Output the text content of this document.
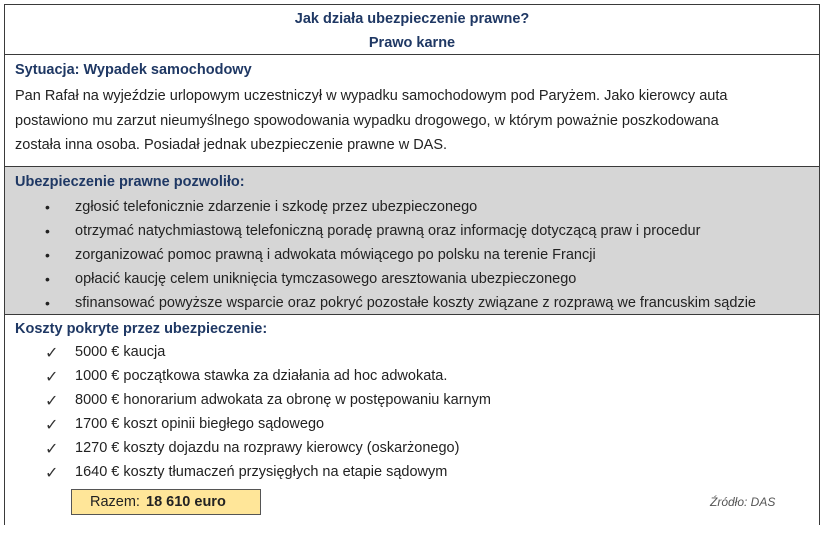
Jak działa ubezpieczenie prawne?
Prawo karne
Sytuacja: Wypadek samochodowy
Pan Rafał na wyjeździe urlopowym uczestniczył w wypadku samochodowym pod Paryżem. Jako kierowcy auta
postawiono mu zarzut nieumyślnego spowodowania wypadku drogowego, w którym poważnie poszkodowana
została inna osoba. Posiadał jednak ubezpieczenie prawne w DAS.
Ubezpieczenie prawne pozwoliło:
• zgłosić telefonicznie zdarzenie i szkodę przez ubezpieczonego
• otrzymać natychmiastową telefoniczną poradę prawną oraz informację dotyczącą praw i procedur
• zorganizować pomoc prawną i adwokata mówiącego po polsku na terenie Francji
• opłacić kaucję celem uniknięcia tymczasowego aresztowania ubezpieczonego
• sfinansować powyższe wsparcie oraz pokryć pozostałe koszty związane z rozprawą we francuskim sądzie
Koszty pokryte przez ubezpieczenie:
✓ 5000 € kaucja
✓ 1000 € początkowa stawka za działania ad hoc adwokata.
✓ 8000 € honorarium adwokata za obronę w postępowaniu karnym
✓ 1700 € koszt opinii biegłego sądowego
✓ 1270 € koszty dojazdu na rozprawy kierowcy (oskarżonego)
✓ 1640 € koszty tłumaczeń przysięgłych na etapie sądowym
Razem: 18 610 euro	Źródło: DAS
